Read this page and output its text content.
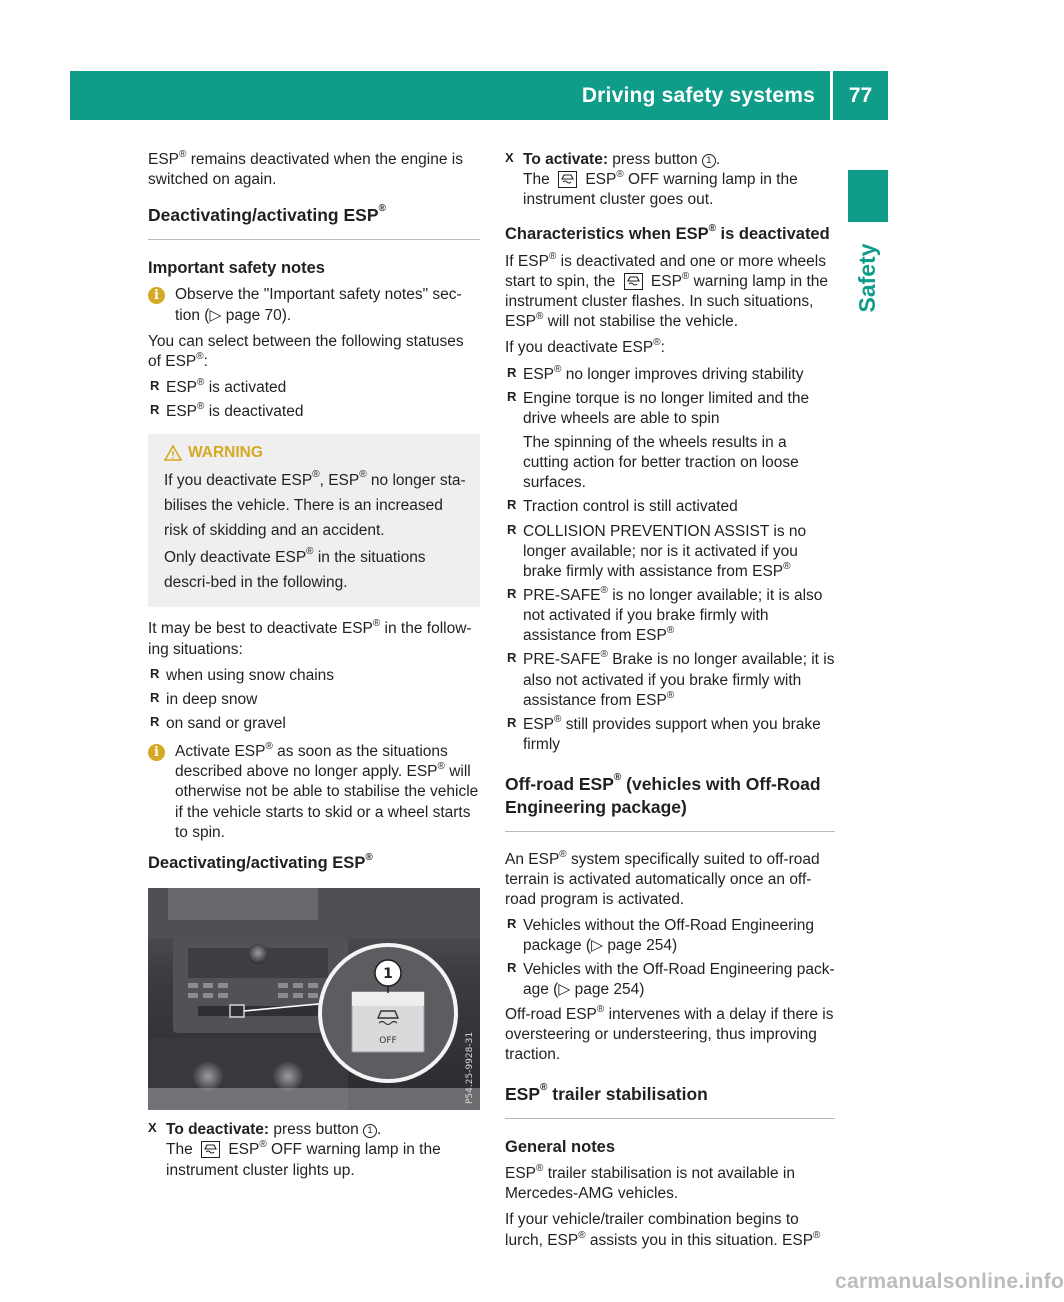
Driving safety systems	77
Safety

ESP® remains deactivated when the engine is switched on again.

Deactivating/activating ESP®
Important safety notes
i	Observe the "Important safety notes" sec-tion (▷ page 70).

You can select between the following statuses of ESP®:

R ESP® is activated
R ESP® is deactivated
WARNING

If you deactivate ESP®, ESP® no longer sta-bilises the vehicle. There is an increased risk of skidding and an accident.

Only deactivate ESP® in the situations descri-bed in the following.

It may be best to deactivate ESP® in the follow-ing situations:

R when using snow chains
R in deep snow
R on sand or gravel
i	Activate ESP® as soon as the situations described above no longer apply. ESP® will otherwise not be able to stabilise the vehicle if the vehicle starts to skid or a wheel starts to spin.
Deactivating/activating ESP®
1
OFF	P54.25-9928-31
X To deactivate: press button 1 .
The  ESP® OFF warning lamp in the instrument cluster lights up.
X To activate: press button 1 .
The  ESP® OFF warning lamp in the instrument cluster goes out.
Characteristics when ESP® is deactivated

If ESP® is deactivated and one or more wheels start to spin, the  ESP® warning lamp in the instrument cluster flashes. In such situations, ESP® will not stabilise the vehicle.

If you deactivate ESP®:

R ESP® no longer improves driving stability
R Engine torque is no longer limited and the drive wheels are able to spin
The spinning of the wheels results in a cutting action for better traction on loose surfaces.
R Traction control is still activated
R COLLISION PREVENTION ASSIST is no longer available; nor is it activated if you brake firmly with assistance from ESP®
R PRE-SAFE® is no longer available; it is also not activated if you brake firmly with assistance from ESP®
R PRE-SAFE® Brake is no longer available; it is also not activated if you brake firmly with assistance from ESP®
R ESP® still provides support when you brake firmly
Off-road ESP® (vehicles with Off-Road Engineering package)

An ESP® system specifically suited to off-road terrain is activated automatically once an off-road program is activated.

R Vehicles without the Off-Road Engineering package (▷ page 254)
R Vehicles with the Off-Road Engineering pack-age (▷ page 254)

Off-road ESP® intervenes with a delay if there is oversteering or understeering, thus improving traction.

ESP® trailer stabilisation
General notes

ESP® trailer stabilisation is not available in Mercedes-AMG vehicles.

If your vehicle/trailer combination begins to lurch, ESP® assists you in this situation. ESP®

carmanualsonline.info
